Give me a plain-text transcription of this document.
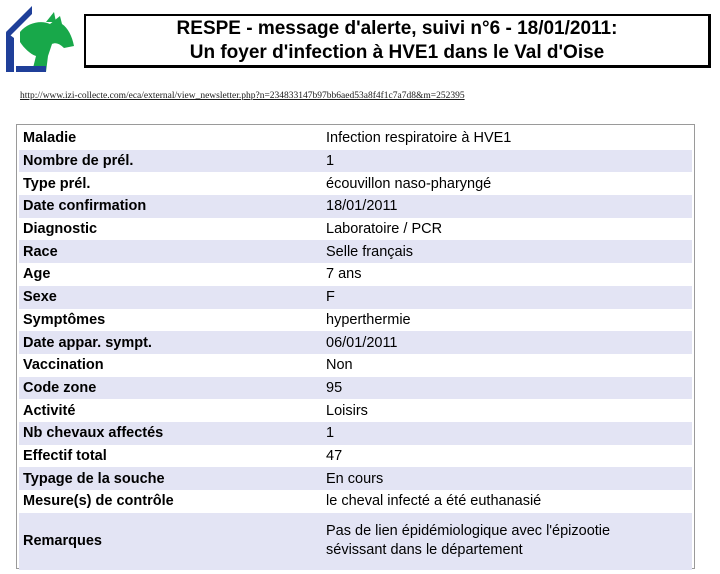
RESPE - message d'alerte, suivi n°6 - 18/01/2011:
Un foyer d'infection à HVE1 dans le Val d'Oise
http://www.izi-collecte.com/eca/external/view_newsletter.php?n=234833147b97bb6aed53a8f4f1c7a7d8&m=252395
Maladie	Infection respiratoire à HVE1
Nombre de prél.	1
Type prél.	écouvillon naso-pharyngé
Date confirmation	18/01/2011
Diagnostic	Laboratoire / PCR
Race	Selle français
Age	7 ans
Sexe	F
Symptômes	hyperthermie
Date appar. sympt.	06/01/2011
Vaccination	Non
Code zone	95
Activité	Loisirs
Nb chevaux affectés	1
Effectif total	47
Typage de la souche	En cours
Mesure(s) de contrôle	le cheval infecté a été euthanasié
Remarques	Pas de lien épidémiologique avec l'épizootie
sévissant dans le département
